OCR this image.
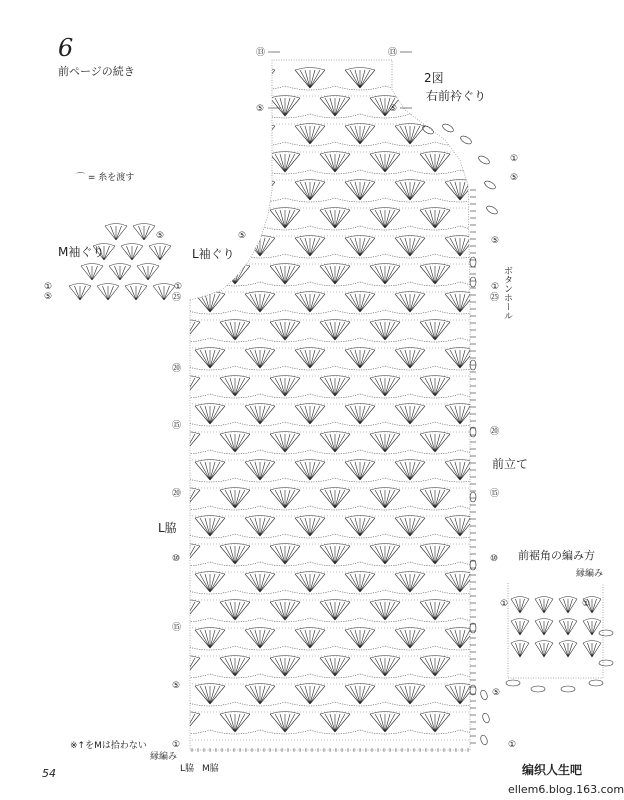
6
前ページの続き	2図
右前衿ぐり
⌒ = 糸を渡す
M袖ぐり	L袖ぐり
ボタンホール
前立て
L脇
前裾角の編み方
縁編み
※↑をMは拾わない
縁編み
L脇 M脇
54	编织人生吧
ellem6.blog.163.com
⑬	⑬
⑤	⑤
①
⑤
⑤	⑤	⑤
①
⑤
①
㉕
①
㉕
⑳
⑮
⑳
⑮
⑳
⑩	⑩
⑮
⑤
⑤
①	①
①	①
